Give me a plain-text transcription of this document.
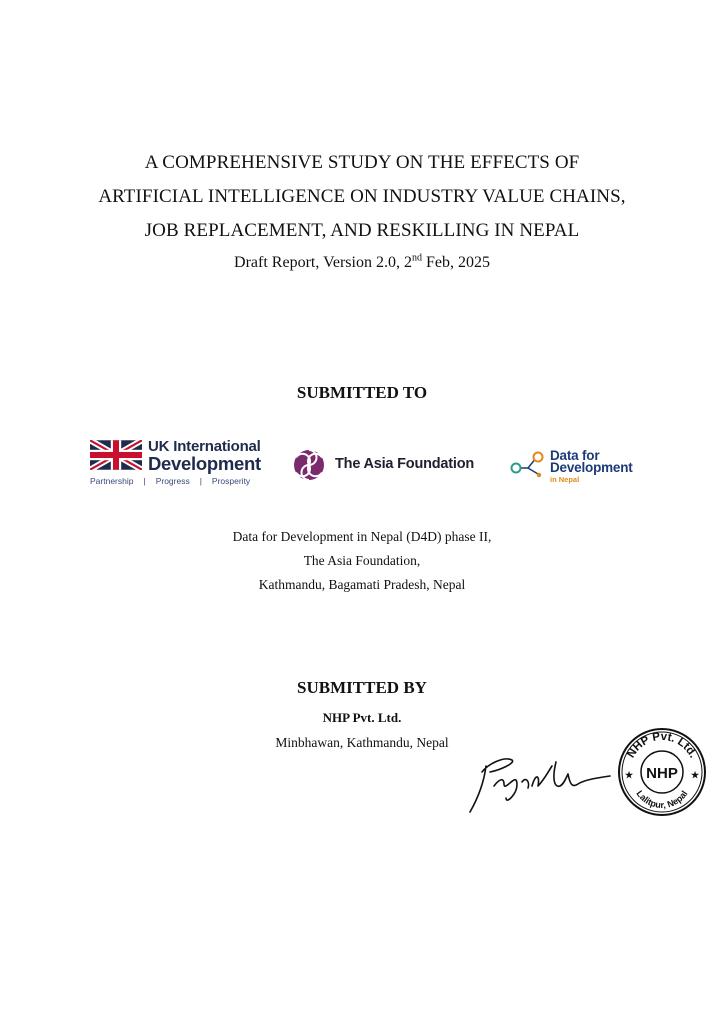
A COMPREHENSIVE STUDY ON THE EFFECTS OF
ARTIFICIAL INTELLIGENCE ON INDUSTRY VALUE CHAINS,
JOB REPLACEMENT, AND RESKILLING IN NEPAL
Draft Report, Version 2.0, 2nd Feb, 2025
SUBMITTED TO
UK International
Development
Partnership | Progress | Prosperity
The Asia Foundation
Data for
Development
in Nepal
Data for Development in Nepal (D4D) phase II,
The Asia Foundation,
Kathmandu, Bagamati Pradesh, Nepal
SUBMITTED BY
NHP Pvt. Ltd.
Minbhawan, Kathmandu, Nepal
NHP Pvt. Ltd.
Lalitpur, Nepal
NHP
★	★
